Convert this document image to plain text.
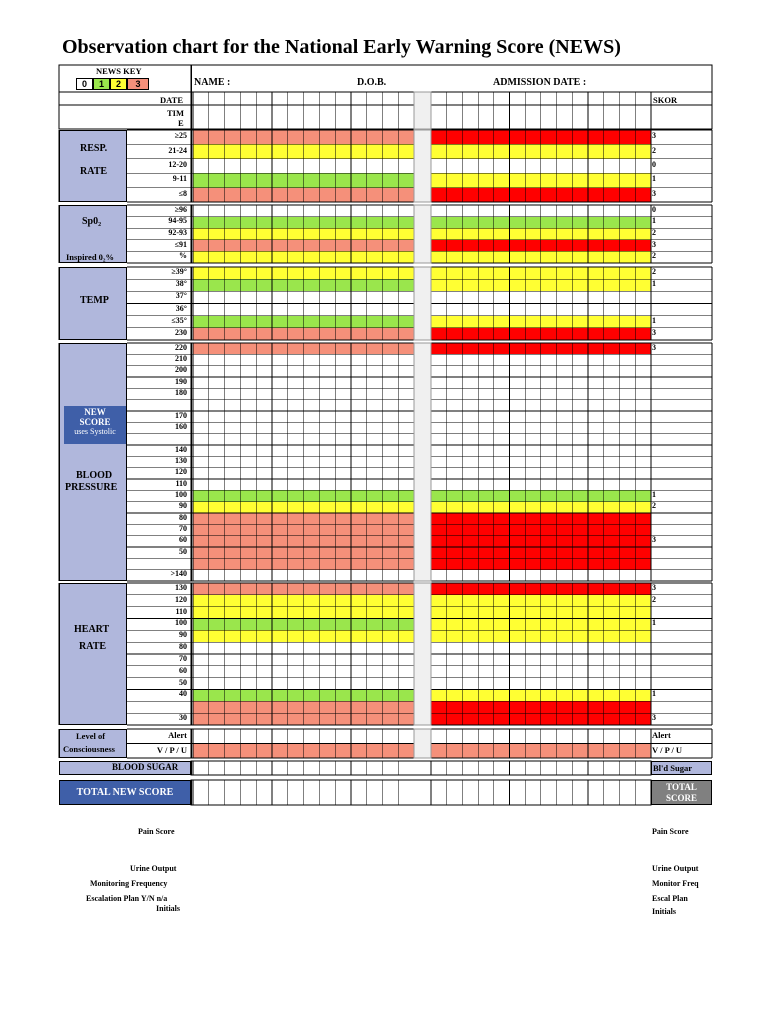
Observation chart for the National Early Warning Score (NEWS)
NEWS KEY
0	1	2	3
RESP.
RATE
Sp0₂
Inspired 0₂%
TEMP
NEW
SCORE
uses Systolic
BLOOD
PRESSURE
HEART
RATE
Level of
Consciousness
BLOOD SUGAR	Bl'd Sugar
TOTAL NEW SCORE	TOTAL
SCORE
NAME :	D.O.B.	ADMISSION DATE :
DATE
TIM
E
SKOR
Pain Score
Urine Output
Monitoring Frequency
Escalation Plan Y/N n/a
Initials
Pain Score
Urine Output
Monitor Freq
Escal Plan
Initials
≥25	3
21-24	2
12-20	0
9-11	1
≤8	3
≥96	0
94-95	1
92-93	2
≤91	3
%	2
≥39°	2
38°	1
37°
36°
≤35°	1
230	3
220	3
210
200
190
180
170
160
140
130
120
110
100	1
90	2
80
70
60	3
50
>140
130	3
120	2
110
100	1
90
80
70
60
50
40	1
30	3
Alert	Alert
V / P / U	V / P / U
